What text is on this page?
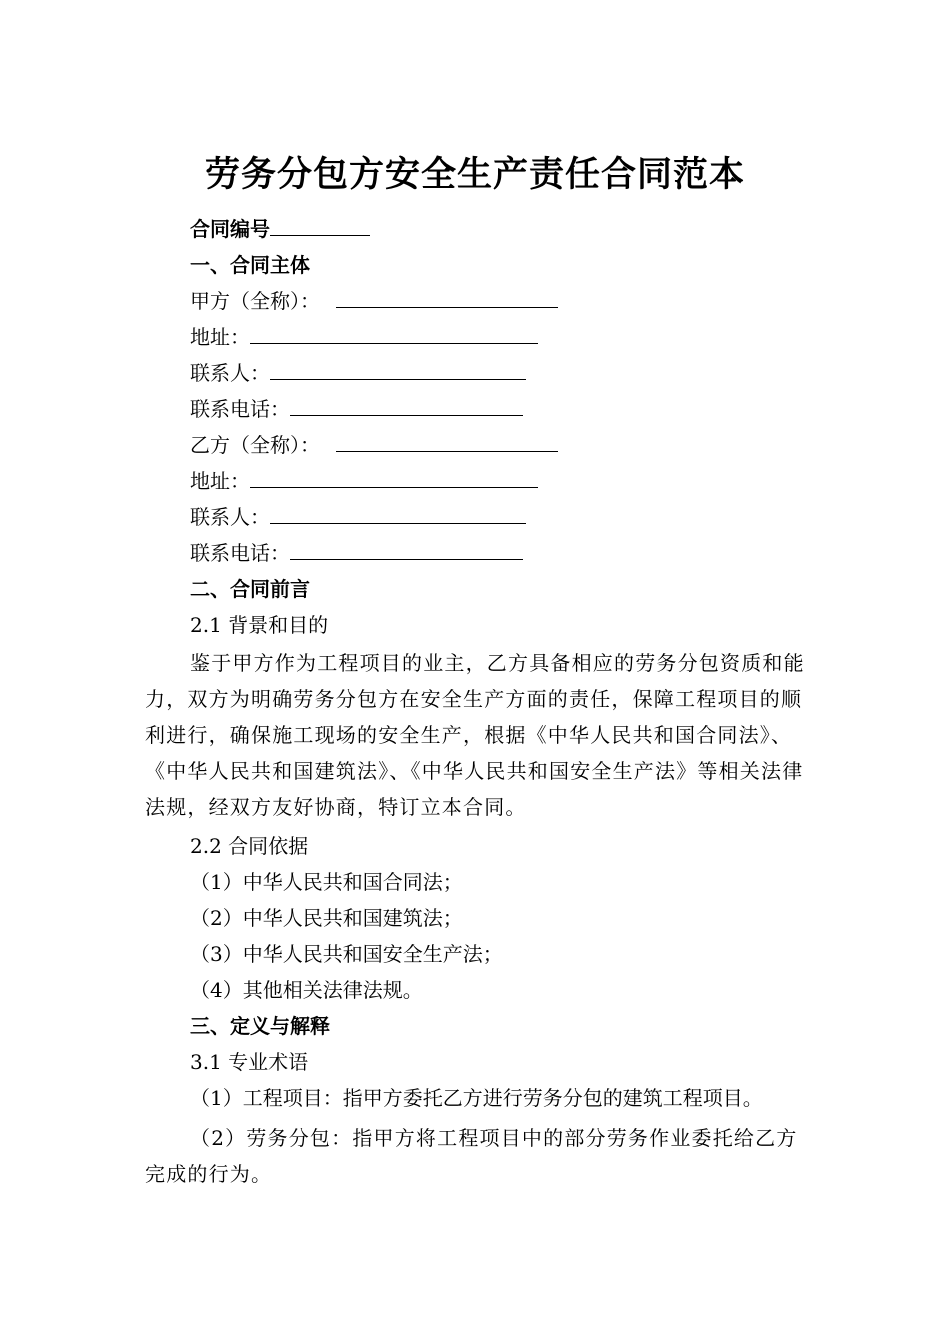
劳务分包方安全生产责任合同范本
合同编号
一、合同主体
甲方（全称）：
地址：
联系人：
联系电话：
乙方（全称）：
地址：
联系人：
联系电话：
二、合同前言
2.1 背景和目的
鉴于甲方作为工程项目的业主，乙方具备相应的劳务分包资质和能力，双方为明确劳务分包方在安全生产方面的责任，保障工程项目的顺利进行，确保施工现场的安全生产，根据《中华人民共和国合同法》、《中华人民共和国建筑法》、《中华人民共和国安全生产法》等相关法律法规，经双方友好协商，特订立本合同。
2.2 合同依据
（1）中华人民共和国合同法；
（2）中华人民共和国建筑法；
（3）中华人民共和国安全生产法；
（4）其他相关法律法规。
三、定义与解释
3.1 专业术语
（1）工程项目：指甲方委托乙方进行劳务分包的建筑工程项目。
（2）劳务分包：指甲方将工程项目中的部分劳务作业委托给乙方完成的行为。
